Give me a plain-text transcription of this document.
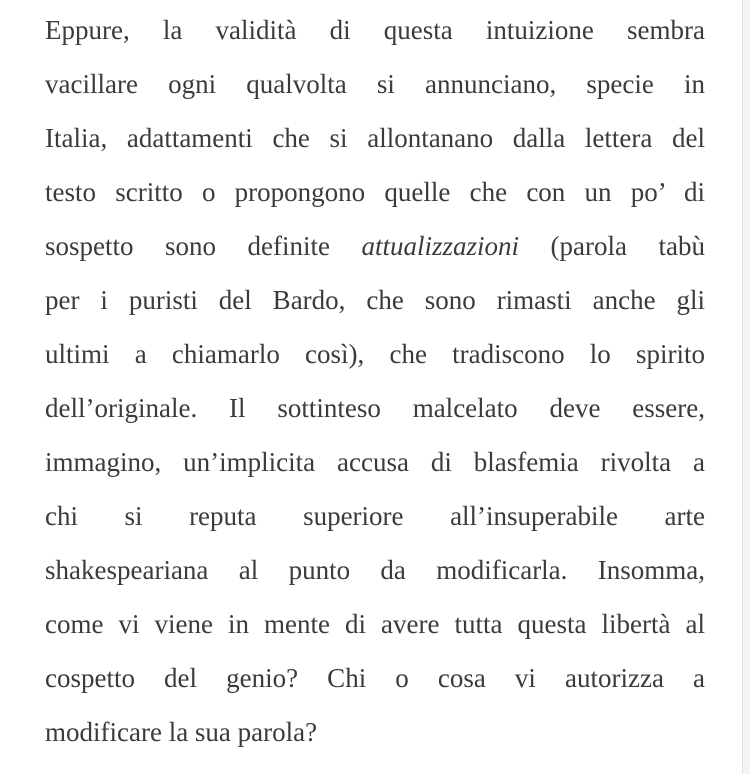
Eppure, la validità di questa intuizione sembra
vacillare ogni qualvolta si annunciano, specie in
Italia, adattamenti che si allontanano dalla lettera del
testo scritto o propongono quelle che con un po’ di
sospetto sono definite attualizzazioni (parola tabù
per i puristi del Bardo, che sono rimasti anche gli
ultimi a chiamarlo così), che tradiscono lo spirito
dell’originale. Il sottinteso malcelato deve essere,
immagino, un’implicita accusa di blasfemia rivolta a
chi si reputa superiore all’insuperabile arte
shakespeariana al punto da modificarla. Insomma,
come vi viene in mente di avere tutta questa libertà al
cospetto del genio? Chi o cosa vi autorizza a
modificare la sua parola?
